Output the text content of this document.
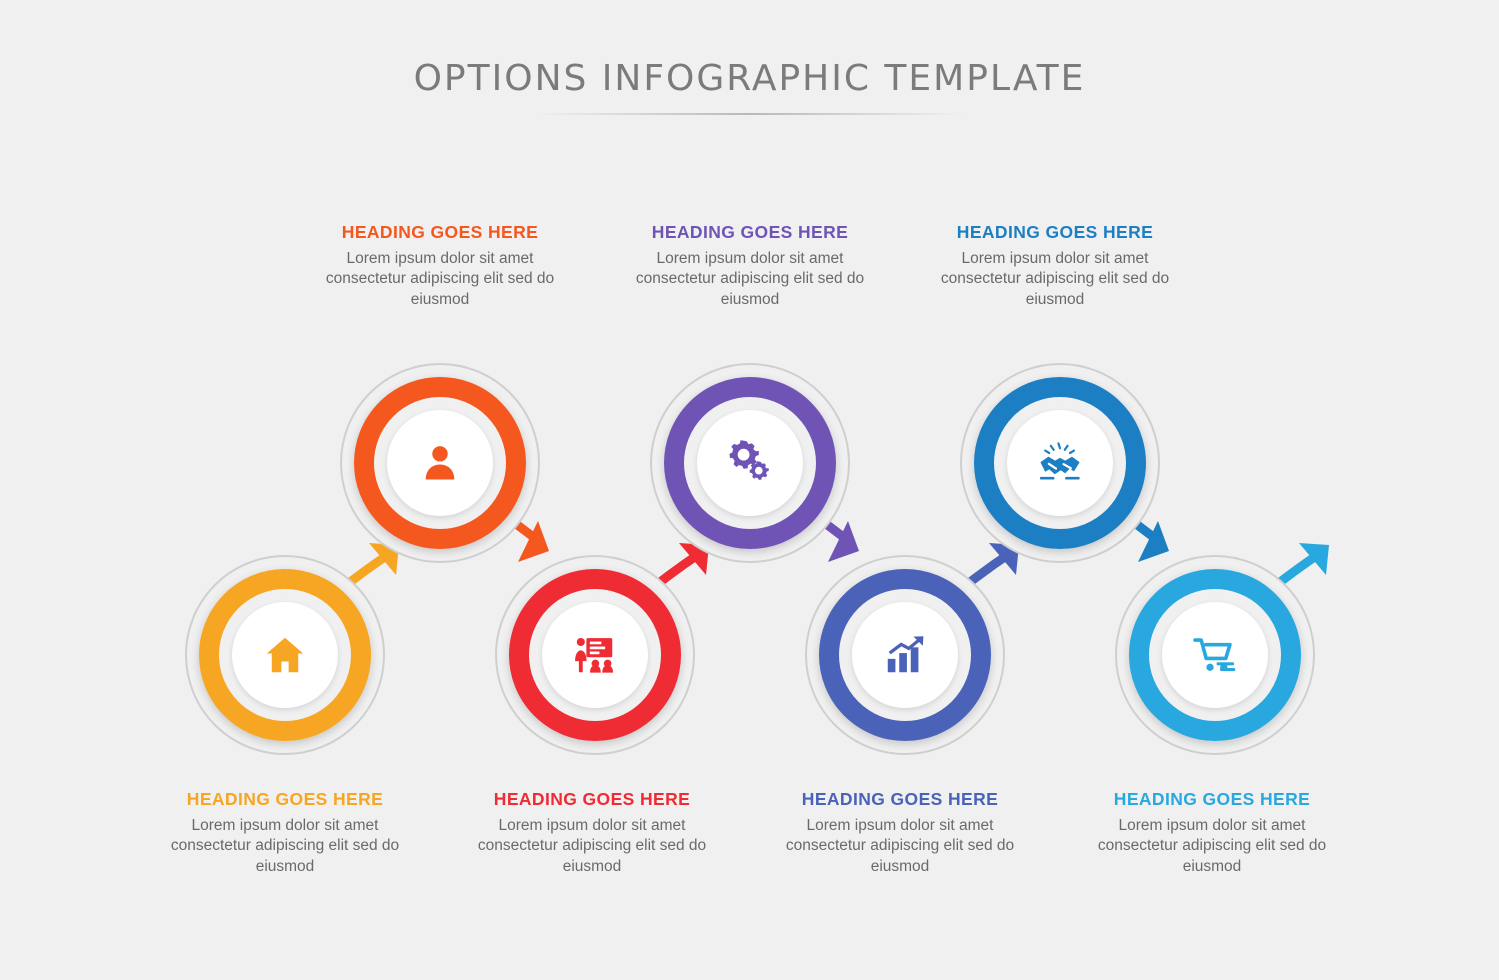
OPTIONS INFOGRAPHIC TEMPLATE

HEADING GOES HERE

Lorem ipsum dolor sit amet consectetur adipiscing elit sed do eiusmod

HEADING GOES HERE

Lorem ipsum dolor sit amet consectetur adipiscing elit sed do eiusmod

HEADING GOES HERE

Lorem ipsum dolor sit amet consectetur adipiscing elit sed do eiusmod

HEADING GOES HERE

Lorem ipsum dolor sit amet consectetur adipiscing elit sed do eiusmod

HEADING GOES HERE

Lorem ipsum dolor sit amet consectetur adipiscing elit sed do eiusmod

HEADING GOES HERE

Lorem ipsum dolor sit amet consectetur adipiscing elit sed do eiusmod

HEADING GOES HERE

Lorem ipsum dolor sit amet consectetur adipiscing elit sed do eiusmod
